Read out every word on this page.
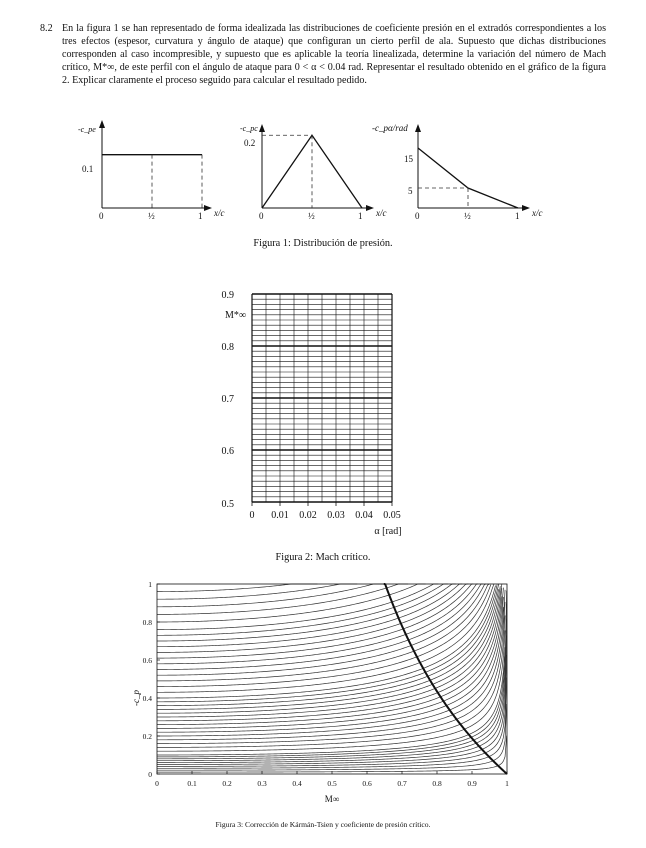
8.2 En la figura 1 se han representado de forma idealizada las distribuciones de coeficiente presión en el extradós correspondientes a los tres efectos (espesor, curvatura y ángulo de ataque) que configuran un cierto perfil de ala. Supuesto que dichas distribuciones corresponden al caso incompresible, y supuesto que es aplicable la teoría linealizada, determine la variación del número de Mach crítico, M*∞, de este perfil con el ángulo de ataque para 0 < α < 0.04 rad. Representar el resultado obtenido en el gráfico de la figura 2. Explicar claramente el proceso seguido para calcular el resultado pedido.
-c_pe
0.1
0	½	1 x/c
-c_pc
0.2
0	½	1 x/c
-c_pα/rad
15
5
0	½	1 x/c
Figura 1: Distribución de presión.
0.9
0.8
0.7
0.6
0.5
M*∞
0 0.01 0.02 0.03 0.04 0.05
α [rad]
Figura 2: Mach crítico.
0	0.1	0.2	0.3	0.4	0.5	0.6	0.7	0.8	0.9	1
0
0.2
0.4
0.6
0.8
1
-c_p
M∞
Figura 3: Corrección de Kármán-Tsien y coeficiente de presión crítico.
